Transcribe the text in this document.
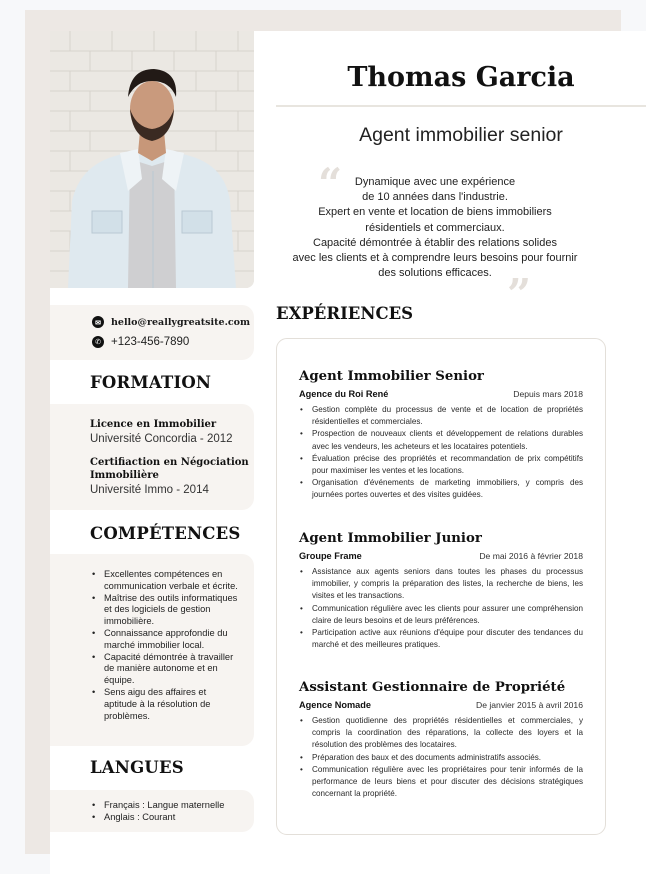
✉	hello@reallygreatsite.com
✆ +123-456-7890
FORMATION
Licence en Immobilier
Université Concordia - 2012
Certifiaction en Négociation Immobilière
Université Immo - 2014
COMPÉTENCES
• Excellentes compétences en communication verbale et écrite.
• Maîtrise des outils informatiques et des logiciels de gestion immobilière.
• Connaissance approfondie du marché immobilier local.
• Capacité démontrée à travailler de manière autonome et en équipe.
• Sens aigu des affaires et aptitude à la résolution de problèmes.
LANGUES
• Français : Langue maternelle
• Anglais : Courant
Thomas Garcia
Agent immobilier senior
“	Dynamique avec une expérience
de 10 années dans l'industrie.
Expert en vente et location de biens immobiliers
résidentiels et commerciaux.
Capacité démontrée à établir des relations solides
avec les clients et à comprendre leurs besoins pour fournir
des solutions efficaces. ”
EXPÉRIENCES
Agent Immobilier Senior
Agence du Roi René	Depuis mars 2018
• Gestion complète du processus de vente et de location de propriétés résidentielles et commerciales.
• Prospection de nouveaux clients et développement de relations durables avec les vendeurs, les acheteurs et les locataires potentiels.
• Évaluation précise des propriétés et recommandation de prix compétitifs pour maximiser les ventes et les locations.
• Organisation d'événements de marketing immobiliers, y compris des journées portes ouvertes et des visites guidées.
Agent Immobilier Junior
Groupe Frame	De mai 2016 à février 2018
• Assistance aux agents seniors dans toutes les phases du processus immobilier, y compris la préparation des listes, la recherche de biens, les visites et les transactions.
• Communication régulière avec les clients pour assurer une compréhension claire de leurs besoins et de leurs préférences.
• Participation active aux réunions d'équipe pour discuter des tendances du marché et des meilleures pratiques.
Assistant Gestionnaire de Propriété
Agence Nomade	De janvier 2015 à avril 2016
• Gestion quotidienne des propriétés résidentielles et commerciales, y compris la coordination des réparations, la collecte des loyers et la résolution des problèmes des locataires.
• Préparation des baux et des documents administratifs associés.
• Communication régulière avec les propriétaires pour tenir informés de la performance de leurs biens et pour discuter des décisions stratégiques concernant la propriété.
